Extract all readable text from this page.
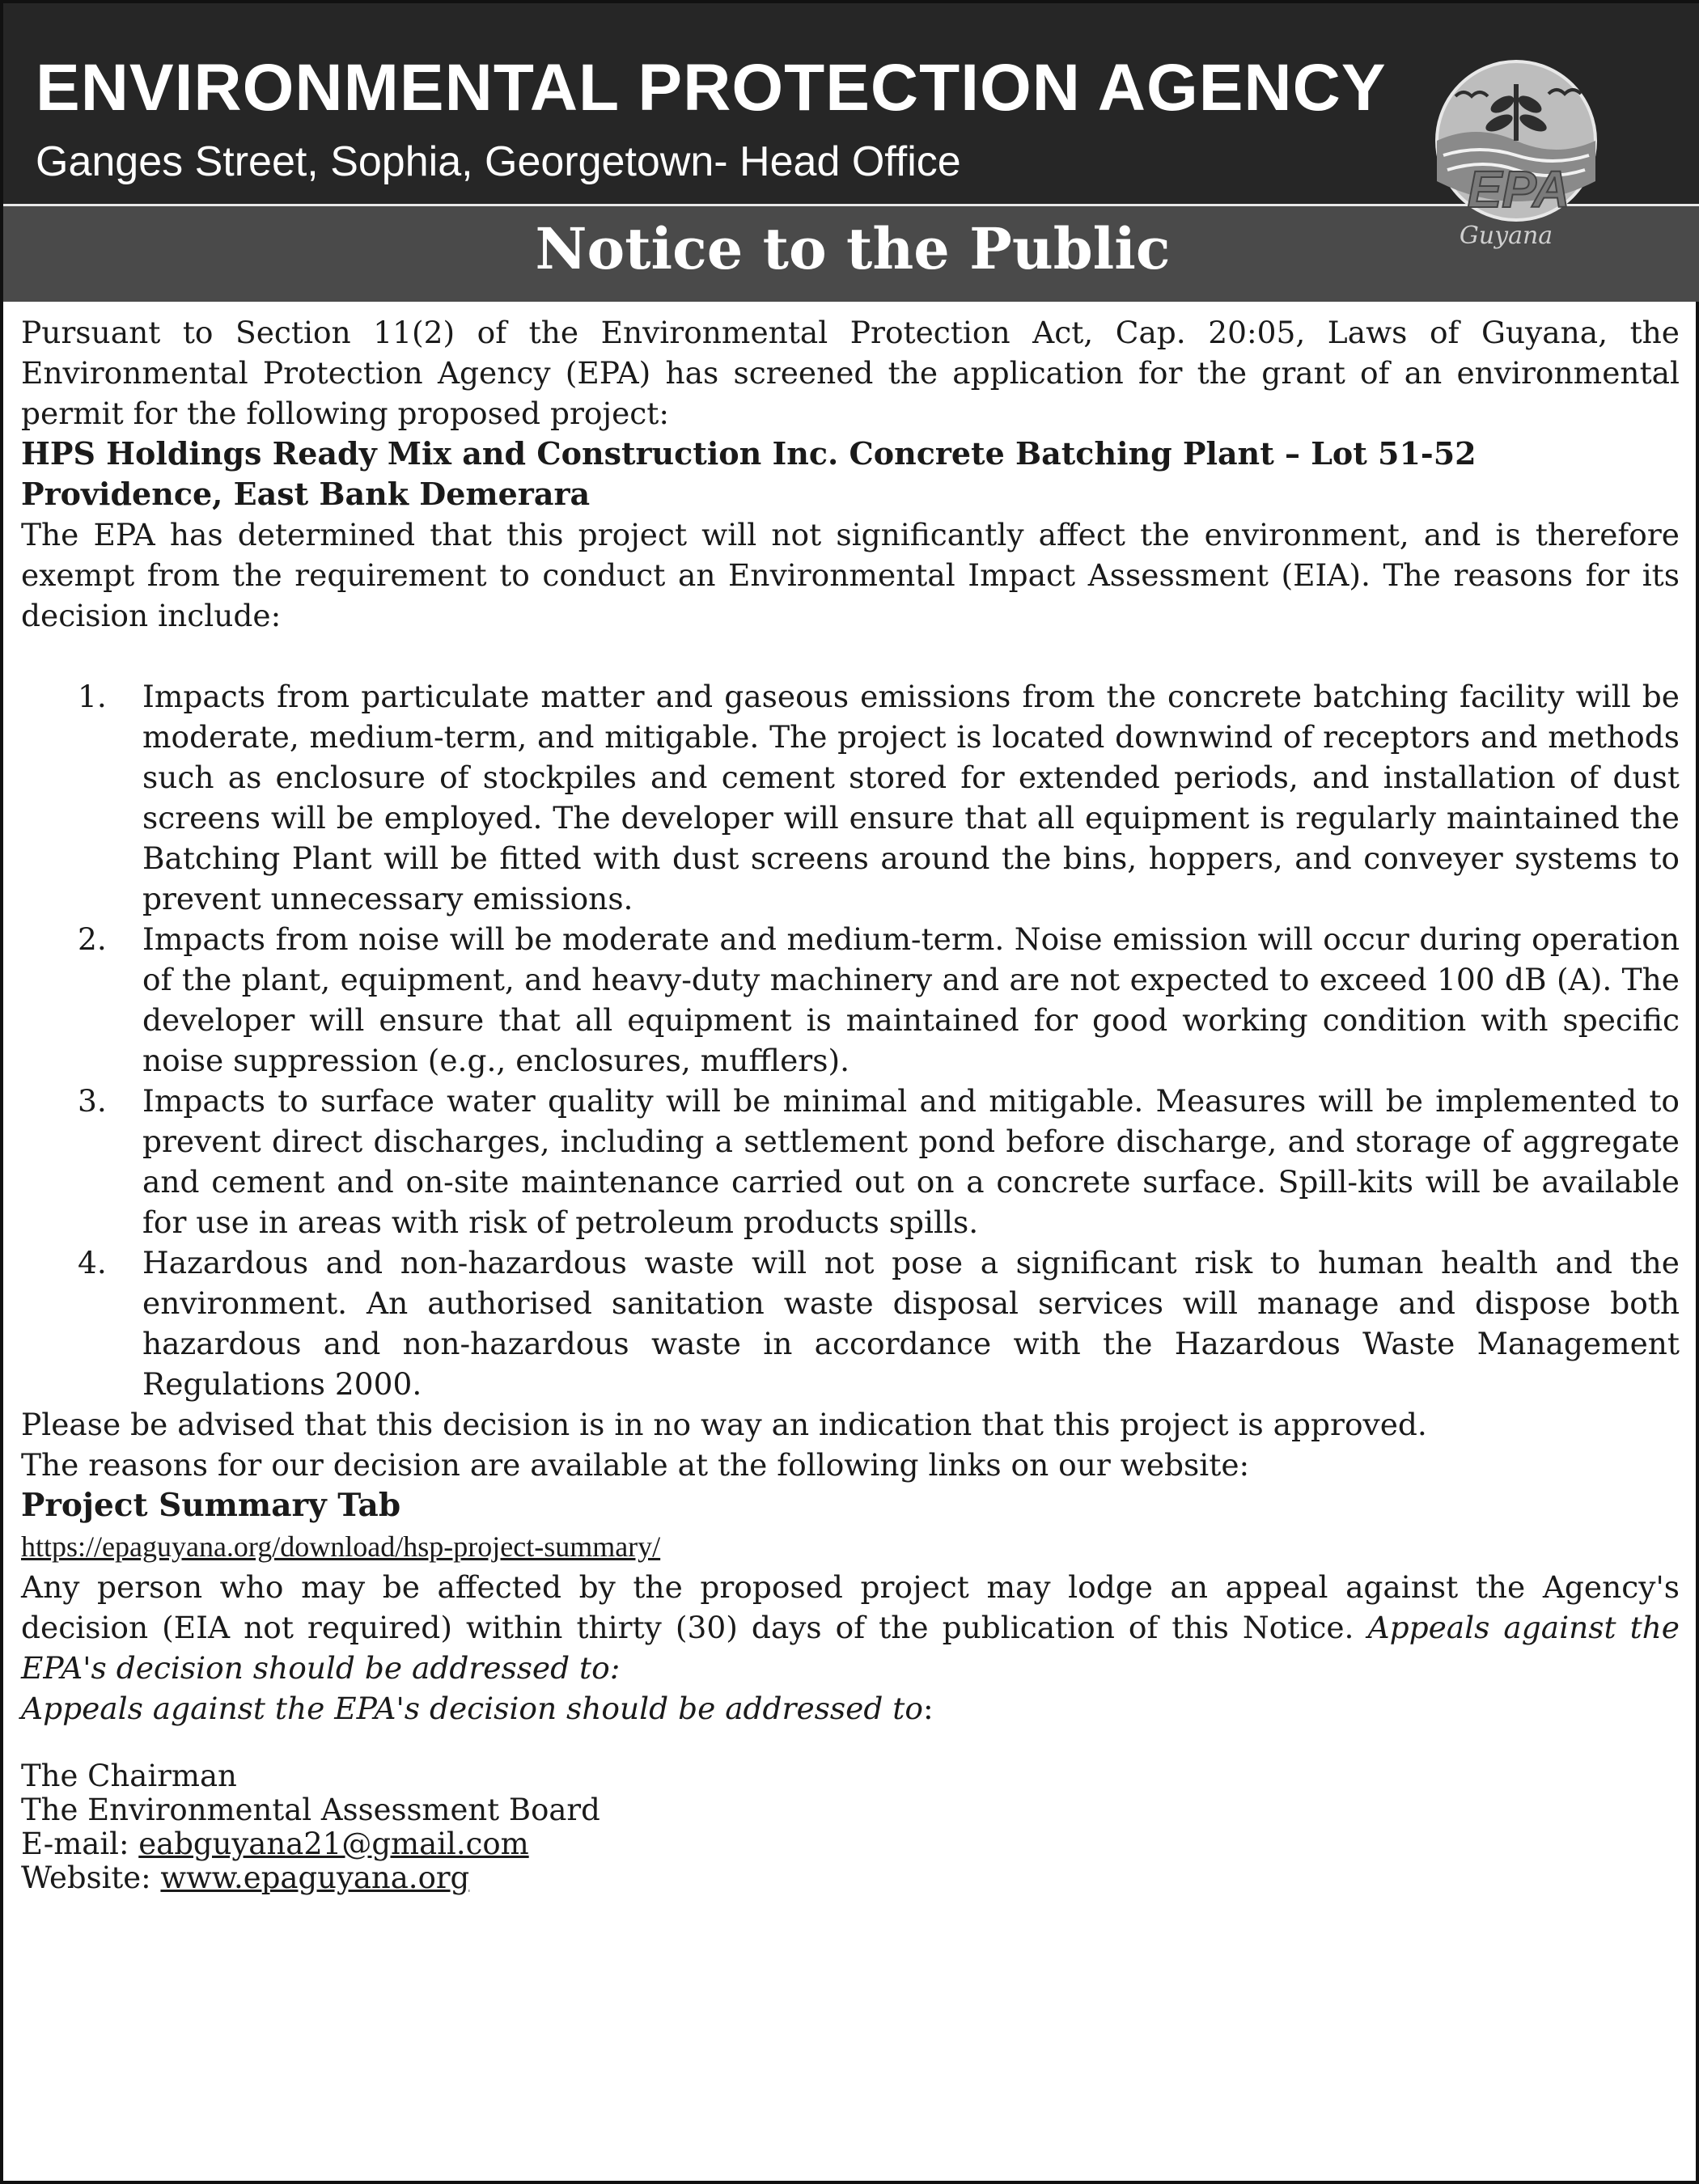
ENVIRONMENTAL PROTECTION AGENCY
Ganges Street, Sophia, Georgetown- Head Office
Notice to the Public
EPA
Guyana

Pursuant to Section 11(2) of the Environmental Protection Act, Cap. 20:05, Laws of Guyana, the Environmental Protection Agency (EPA) has screened the application for the grant of an environmental permit for the following proposed project:

HPS Holdings Ready Mix and Construction Inc. Concrete Batching Plant – Lot 51-52 Providence, East Bank Demerara

The EPA has determined that this project will not significantly affect the environment, and is therefore exempt from the requirement to conduct an Environmental Impact Assessment (EIA). The reasons for its decision include:

1. Impacts from particulate matter and gaseous emissions from the concrete batching facility will be moderate, medium-term, and mitigable. The project is located downwind of receptors and methods such as enclosure of stockpiles and cement stored for extended periods, and installation of dust screens will be employed. The developer will ensure that all equipment is regularly maintained the Batching Plant will be fitted with dust screens around the bins, hoppers, and conveyer systems to prevent unnecessary emissions.
2. Impacts from noise will be moderate and medium-term. Noise emission will occur during operation of the plant, equipment, and heavy-duty machinery and are not expected to exceed 100 dB (A). The developer will ensure that all equipment is maintained for good working condition with specific noise suppression (e.g., enclosures, mufflers).
3. Impacts to surface water quality will be minimal and mitigable. Measures will be implemented to prevent direct discharges, including a settlement pond before discharge, and storage of aggregate and cement and on-site maintenance carried out on a concrete surface. Spill-kits will be available for use in areas with risk of petroleum products spills.
4. Hazardous and non-hazardous waste will not pose a significant risk to human health and the environment. An authorised sanitation waste disposal services will manage and dispose both hazardous and non-hazardous waste in accordance with the Hazardous Waste Management Regulations 2000.

Please be advised that this decision is in no way an indication that this project is approved.

The reasons for our decision are available at the following links on our website:

Project Summary Tab

https://epaguyana.org/download/hsp-project-summary/

Any person who may be affected by the proposed project may lodge an appeal against the Agency's decision (EIA not required) within thirty (30) days of the publication of this Notice. Appeals against the EPA's decision should be addressed to:

Appeals against the EPA's decision should be addressed to:

The Chairman
The Environmental Assessment Board
E-mail: eabguyana21@gmail.com
Website: www.epaguyana.org
